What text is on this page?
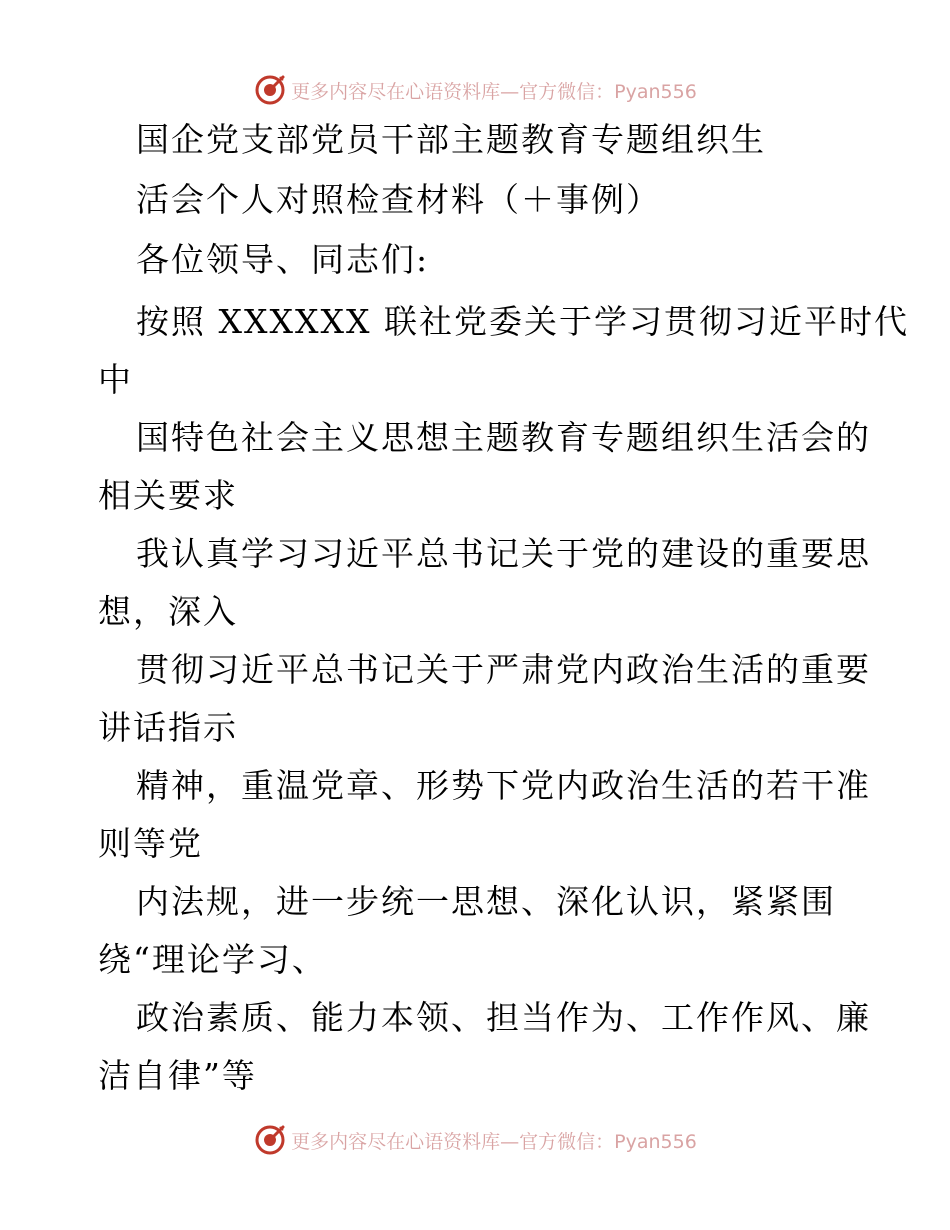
更多内容尽在心语资料库—官方微信：Pyan556
国企党支部党员干部主题教育专题组织生
活会个人对照检查材料（＋事例）
各位领导、同志们:
按照 XXXXXX 联社党委关于学习贯彻习近平时代
中
国特色社会主义思想主题教育专题组织生活会的
相关要求
我认真学习习近平总书记关于党的建设的重要思
想，深入
贯彻习近平总书记关于严肃党内政治生活的重要
讲话指示
精神，重温党章、形势下党内政治生活的若干准
则等党
内法规，进一步统一思想、深化认识，紧紧围
绕“理论学习、
政治素质、能力本领、担当作为、工作作风、廉
洁自律”等
更多内容尽在心语资料库—官方微信：Pyan556
